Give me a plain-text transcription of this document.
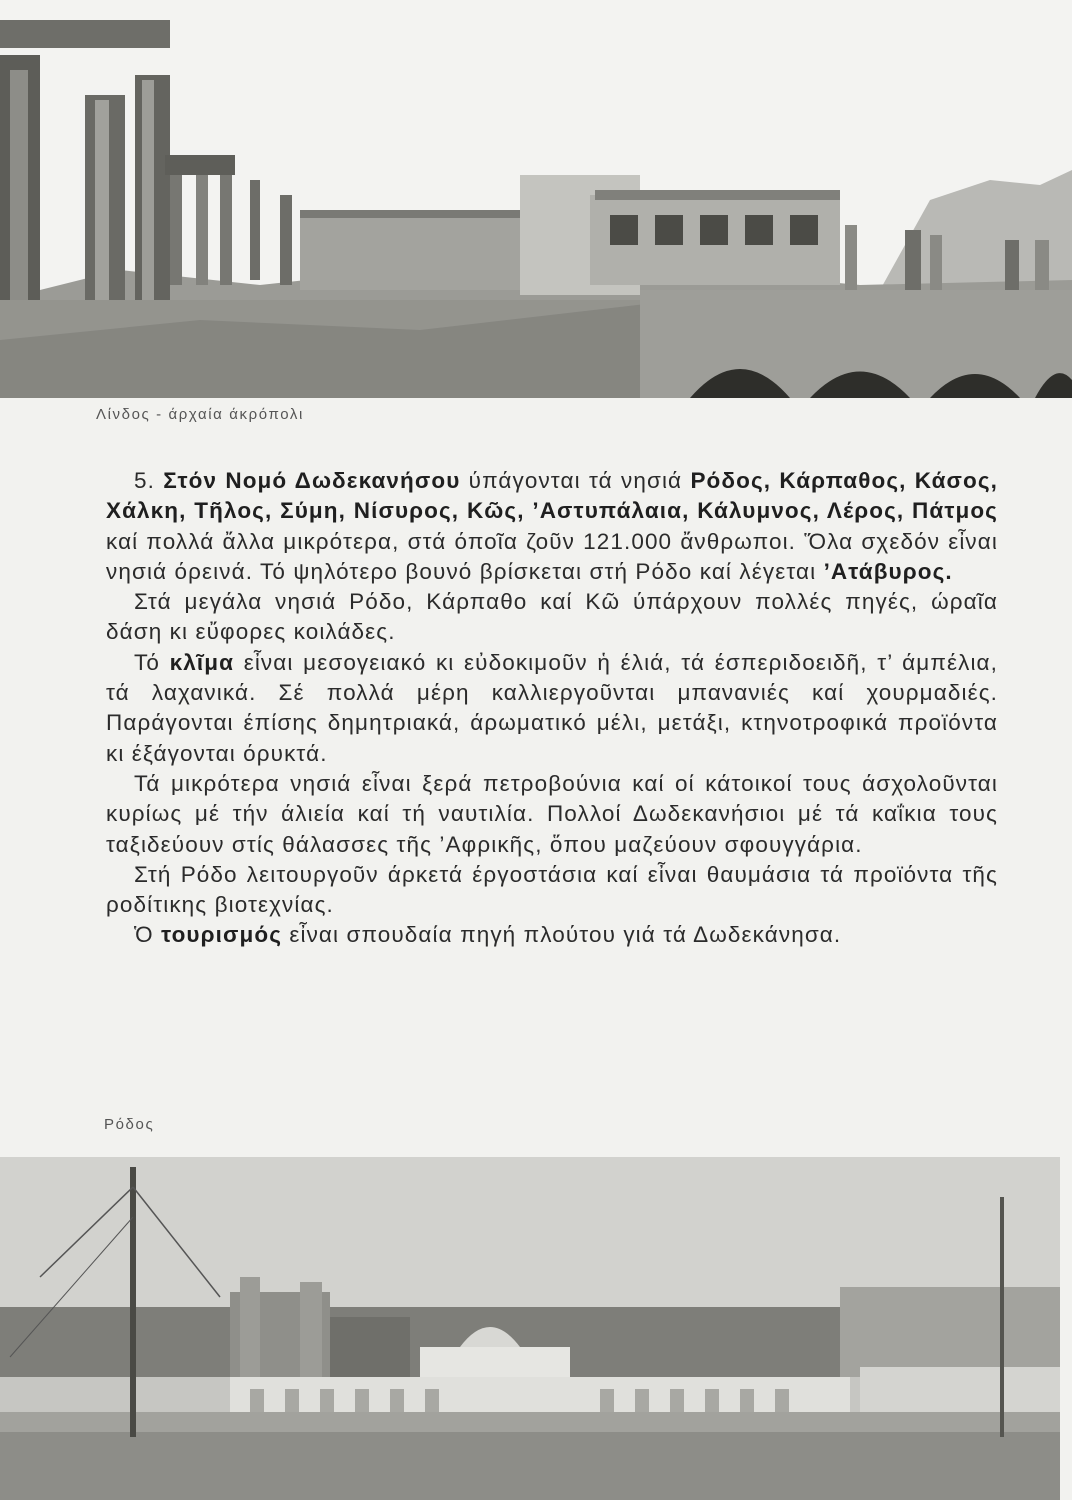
Λίνδος - άρχαία άκρόπολι

5. Στόν Νομό Δωδεκανήσου ύπάγονται τά νησιά Ρόδος, Κάρπαθος, Κάσος, Χάλκη, Τῆλος, Σύμη, Νίσυρος, Κῶς, ’Αστυπάλαια, Κάλυμνος, Λέρος, Πάτμος καί πολλά ἄλλα μικρότερα, στά όποῖα ζοῦν 121.000 ἄνθρωποι. Ὅλα σχεδόν εἶναι νησιά όρεινά. Τό ψηλότερο βουνό βρίσκεται στή Ρόδο καί λέγεται ’Ατάβυρος.

Στά μεγάλα νησιά Ρόδο, Κάρπαθο καί Κῶ ύπάρχουν πολλές πηγές, ώραῖα δάση κι εὔφορες κοιλάδες.

Τό κλῖμα εἶναι μεσογειακό κι εὐδοκιμοῦν ἡ έλιά, τά έσπεριδοειδῆ, τ’ άμπέλια, τά λαχανικά. Σέ πολλά μέρη καλλιεργοῦνται μπανανιές καί χουρμαδιές. Παράγονται έπίσης δημητριακά, άρωματικό μέλι, μετάξι, κτηνοτροφικά προϊόντα κι έξάγονται όρυκτά.

Τά μικρότερα νησιά εἶναι ξερά πετροβούνια καί οί κάτοικοί τους άσχολοῦνται κυρίως μέ τήν άλιεία καί τή ναυτιλία. Πολλοί Δωδεκανήσιοι μέ τά καΐκια τους ταξιδεύουν στίς θάλασσες τῆς ’Αφρικῆς, ὅπου μαζεύουν σφουγγάρια.

Στή Ρόδο λειτουργοῦν άρκετά έργοστάσια καί εἶναι θαυμάσια τά προϊόντα τῆς ροδίτικης βιοτεχνίας.

Ὁ τουρισμός εἶναι σπουδαία πηγή πλούτου γιά τά Δωδεκάνησα.

Ρόδος
